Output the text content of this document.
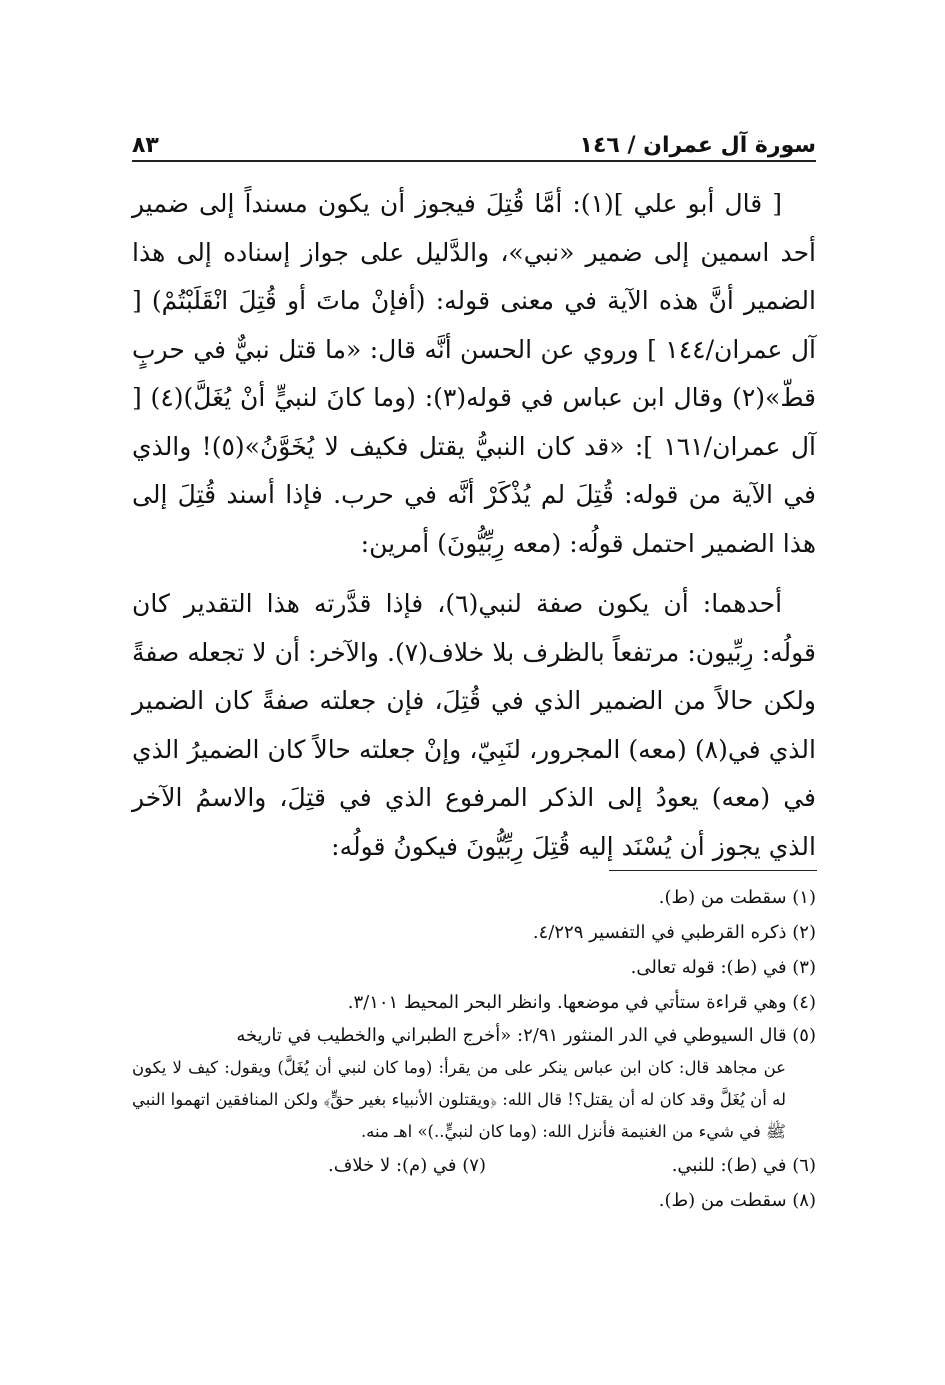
سورة آل عمران / ١٤٦
٨٣

[ قال أبو علي ](١): أمَّا قُتِلَ فيجوز أن يكون مسنداً إلى ضمير أحد اسمين إلى ضمير «نبي»، والدَّليل على جواز إسناده إلى هذا الضمير أنَّ هذه الآية في معنى قوله: (أفإنْ ماتَ أو قُتِلَ انْقَلَبْتُمْ) [ آل عمران/١٤٤ ] وروي عن الحسن أنَّه قال: «ما قتل نبيٌّ في حربٍ قطّ»(٢) وقال ابن عباس في قوله(٣): (وما كانَ لنبيٍّ أنْ يُغَلَّ)(٤) [ آل عمران/١٦١ ]: «قد كان النبيُّ يقتل فكيف لا يُخَوَّنُ»(٥)! والذي في الآية من قوله: قُتِلَ لم يُذْكَرْ أنَّه في حرب. فإذا أسند قُتِلَ إلى هذا الضمير احتمل قولُه: (معه رِبِّيُّونَ) أمرين:

أحدهما: أن يكون صفة لنبي(٦)، فإذا قدَّرته هذا التقدير كان قولُه: رِبِّيون: مرتفعاً بالظرف بلا خلاف(٧). والآخر: أن لا تجعله صفةً ولكن حالاً من الضمير الذي في قُتِلَ، فإن جعلته صفةً كان الضمير الذي في(٨) (معه) المجرور، لنَبِيّ، وإنْ جعلته حالاً كان الضميرُ الذي في (معه) يعودُ إلى الذكر المرفوع الذي في قتِلَ، والاسمُ الآخر الذي يجوز أن يُسْنَد إليه قُتِلَ رِبِّيُّونَ فيكونُ قولُه:

(١) سقطت من (ط).

(٢) ذكره القرطبي في التفسير ٤/٢٢٩.

(٣) في (ط): قوله تعالى.

(٤) وهي قراءة ستأتي في موضعها. وانظر البحر المحيط ٣/١٠١.

(٥) قال السيوطي في الدر المنثور ٢/٩١: «أخرج الطبراني والخطيب في تاريخه
عن مجاهد قال: كان ابن عباس ينكر على من يقرأ: (وما كان لنبي أن يُغَلَّ) ويقول: كيف لا يكون له أن يُغَلَّ وقد كان له أن يقتل؟! قال الله: ﴿ويقتلون الأنبياء بغير حقٍّ﴾ ولكن المنافقين اتهموا النبي ﷺ في شيء من الغنيمة فأنزل الله: (وما كان لنبيٍّ..)» اهـ منه.
(٦) في (ط): للنبي.
(٧) في (م): لا خلاف.

(٨) سقطت من (ط).
